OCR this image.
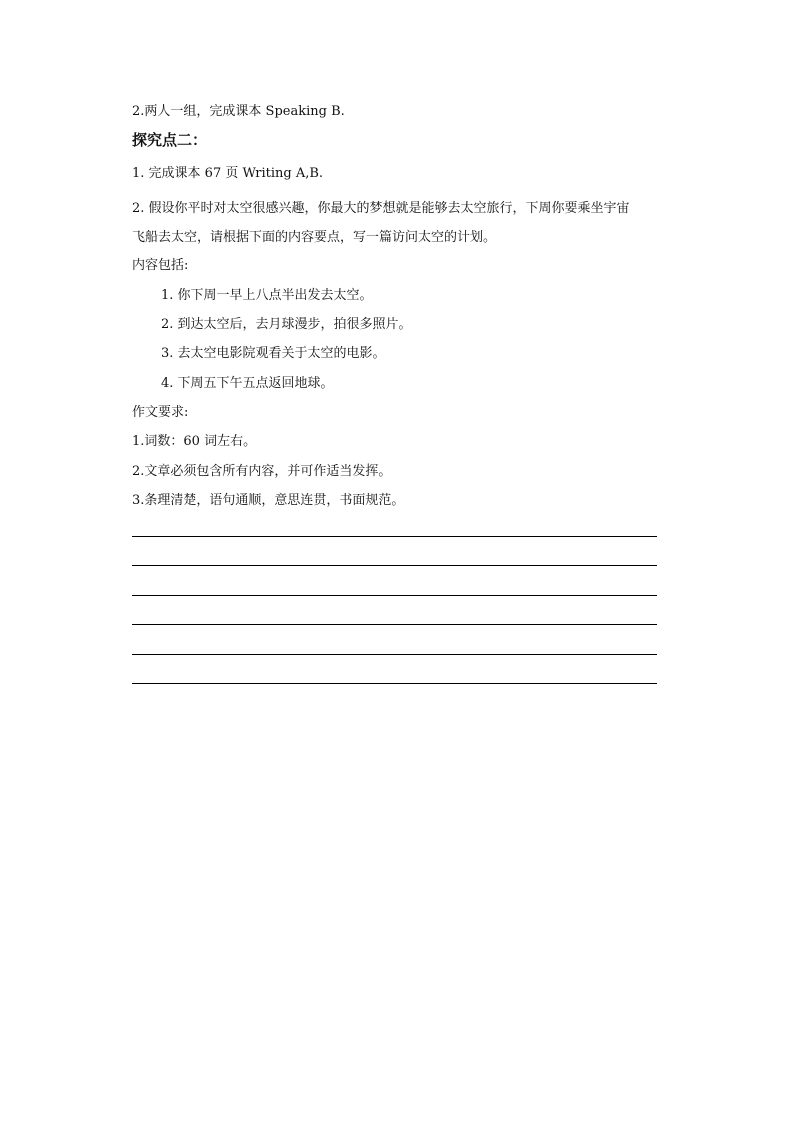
2.两人一组，完成课本 Speaking B.
探究点二：
1. 完成课本 67 页 Writing A,B.
2. 假设你平时对太空很感兴趣，你最大的梦想就是能够去太空旅行，下周你要乘坐宇宙
飞船去太空，请根据下面的内容要点，写一篇访问太空的计划。
内容包括:
1. 你下周一早上八点半出发去太空。
2. 到达太空后，去月球漫步，拍很多照片。
3. 去太空电影院观看关于太空的电影。
4. 下周五下午五点返回地球。
作文要求:
1.词数：60 词左右。
2.文章必须包含所有内容，并可作适当发挥。
3.条理清楚，语句通顺，意思连贯，书面规范。
